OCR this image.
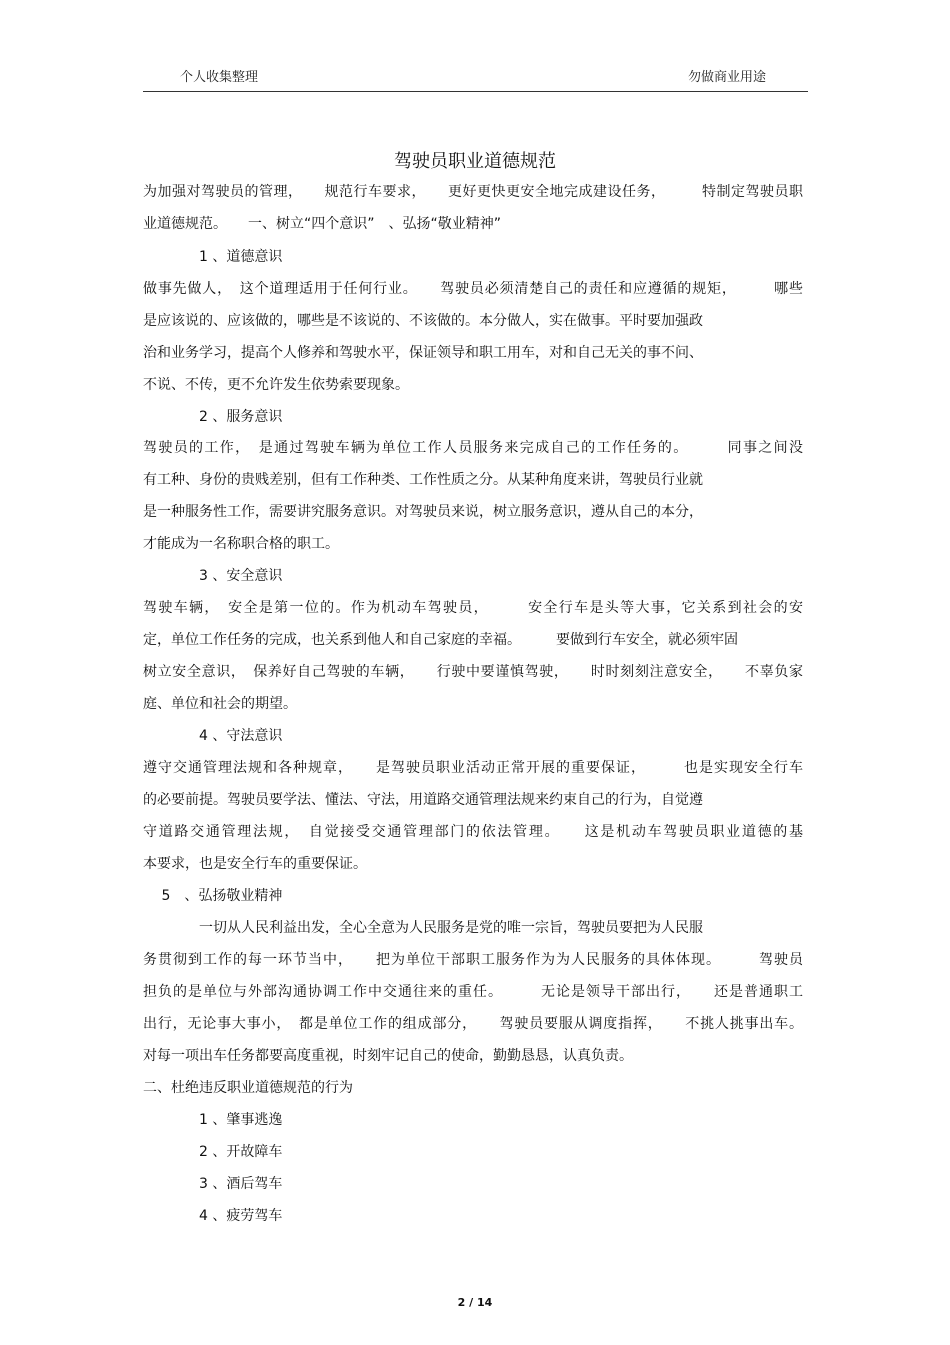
个人收集整理	勿做商业用途
驾驶员职业道德规范
为加强对驾驶员的管理，　　规范行车要求，　　更好更快更安全地完成建设任务，　　　特制定驾驶员职
业道德规范。　　一、树立“四个意识”　、弘扬“敬业精神”
　　　　1 、道德意识
做事先做人，　这个道理适用于任何行业。　　驾驶员必须清楚自己的责任和应遵循的规矩，　　　哪些
是应该说的、应该做的，哪些是不该说的、不该做的。本分做人，实在做事。平时要加强政
治和业务学习，提高个人修养和驾驶水平，保证领导和职工用车，对和自己无关的事不问、
不说、不传，更不允许发生依势索要现象。
　　　　2 、服务意识
驾驶员的工作，　是通过驾驶车辆为单位工作人员服务来完成自己的工作任务的。　　　同事之间没
有工种、身份的贵贱差别，但有工作种类、工作性质之分。从某种角度来讲，驾驶员行业就
是一种服务性工作，需要讲究服务意识。对驾驶员来说，树立服务意识，遵从自己的本分，
才能成为一名称职合格的职工。
　　　　3 、安全意识
驾驶车辆，　安全是第一位的。作为机动车驾驶员，　　　安全行车是头等大事，它关系到社会的安
定，单位工作任务的完成，也关系到他人和自己家庭的幸福。　　　要做到行车安全，就必须牢固
树立安全意识，　保养好自己驾驶的车辆，　　行驶中要谨慎驾驶，　　时时刻刻注意安全，　　不辜负家
庭、单位和社会的期望。
　　　　4 、守法意识
遵守交通管理法规和各种规章，　　是驾驶员职业活动正常开展的重要保证，　　　也是实现安全行车
的必要前提。驾驶员要学法、懂法、守法，用道路交通管理法规来约束自己的行为，自觉遵
守道路交通管理法规，　自觉接受交通管理部门的依法管理。　　这是机动车驾驶员职业道德的基
本要求，也是安全行车的重要保证。
　 5　、弘扬敬业精神
　　　　一切从人民利益出发，全心全意为人民服务是党的唯一宗旨，驾驶员要把为人民服
务贯彻到工作的每一环节当中，　　把为单位干部职工服务作为为人民服务的具体体现。　　　驾驶员
担负的是单位与外部沟通协调工作中交通往来的重任。　　　无论是领导干部出行，　　还是普通职工
出行，无论事大事小，　都是单位工作的组成部分，　　驾驶员要服从调度指挥，　　不挑人挑事出车。
对每一项出车任务都要高度重视，时刻牢记自己的使命，勤勤恳恳，认真负责。
二、杜绝违反职业道德规范的行为
　　　　1 、肇事逃逸
　　　　2 、开故障车
　　　　3 、酒后驾车
　　　　4 、疲劳驾车
2 / 14
